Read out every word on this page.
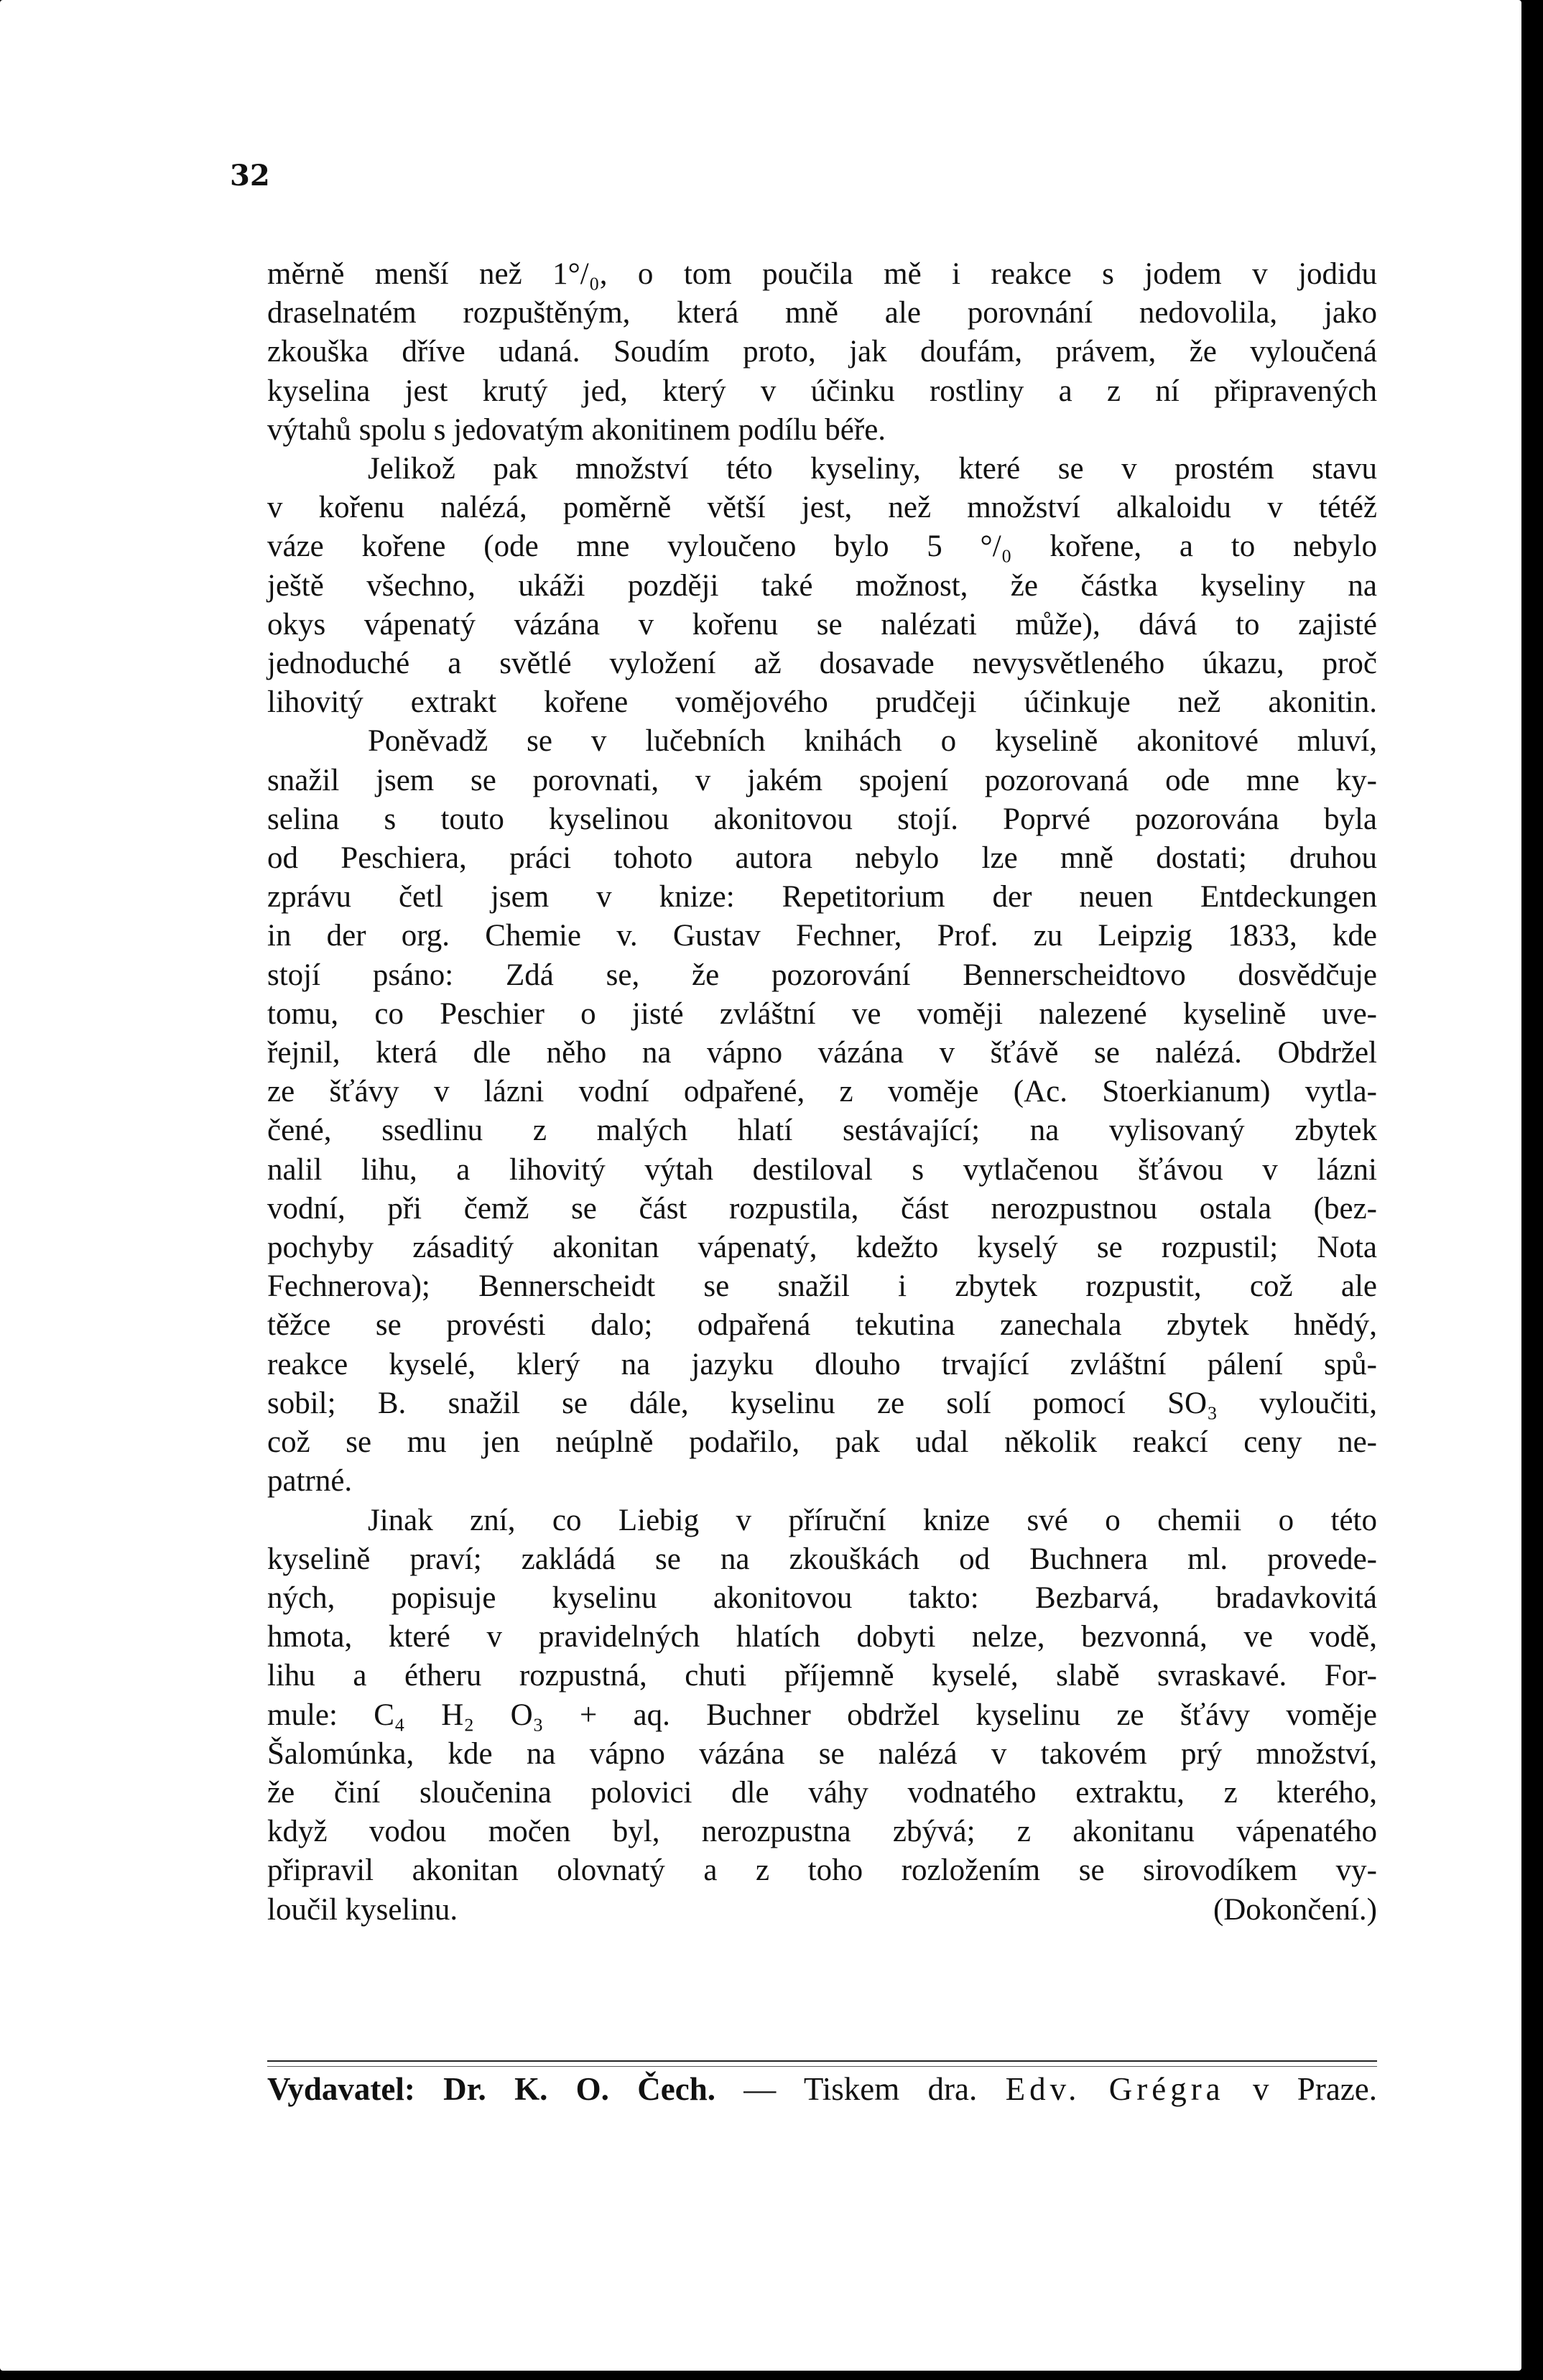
32

měrně menší než 1°/₀, o tom poučila mě i reakce s jodem v jodidu
draselnatém rozpuštěným, která mně ale porovnání nedovolila, jako
zkouška dříve udaná. Soudím proto, jak doufám, právem, že vyloučená
kyselina jest krutý jed, který v účinku rostliny a z ní připravených
výtahů spolu s jedovatým akonitinem podílu béře.

Jelikož pak množství této kyseliny, které se v prostém stavu
v kořenu nalézá, poměrně větší jest, než množství alkaloidu v tétéž
váze kořene (ode mne vyloučeno bylo 5 °/₀ kořene, a to nebylo
ještě všechno, ukáži později také možnost, že částka kyseliny na
okys vápenatý vázána v kořenu se nalézati může), dává to zajisté
jednoduché a světlé vyložení až dosavade nevysvětleného úkazu, proč
lihovitý extrakt kořene vomějového prudčeji účinkuje než akonitin.

Poněvadž se v lučebních knihách o kyselině akonitové mluví,
snažil jsem se porovnati, v jakém spojení pozorovaná ode mne ky-
selina s touto kyselinou akonitovou stojí. Poprvé pozorována byla
od Peschiera, práci tohoto autora nebylo lze mně dostati; druhou
zprávu četl jsem v knize: Repetitorium der neuen Entdeckungen
in der org. Chemie v. Gustav Fechner, Prof. zu Leipzig 1833, kde
stojí psáno: Zdá se, že pozorování Bennerscheidtovo dosvědčuje
tomu, co Peschier o jisté zvláštní ve voměji nalezené kyselině uve-
řejnil, která dle něho na vápno vázána v šťávě se nalézá. Obdržel
ze šťávy v lázni vodní odpařené, z voměje (Ac. Stoerkianum) vytla-
čené, ssedlinu z malých hlatí sestávající; na vylisovaný zbytek
nalil lihu, a lihovitý výtah destiloval s vytlačenou šťávou v lázni
vodní, při čemž se část rozpustila, část nerozpustnou ostala (bez-
pochyby zásaditý akonitan vápenatý, kdežto kyselý se rozpustil; Nota
Fechnerova); Bennerscheidt se snažil i zbytek rozpustit, což ale
těžce se provésti dalo; odpařená tekutina zanechala zbytek hnědý,
reakce kyselé, klerý na jazyku dlouho trvající zvláštní pálení spů-
sobil; B. snažil se dále, kyselinu ze solí pomocí SO₃ vyloučiti,
což se mu jen neúplně podařilo, pak udal několik reakcí ceny ne-
patrné.

Jinak zní, co Liebig v příruční knize své o chemii o této
kyselině praví; zakládá se na zkouškách od Buchnera ml. provede-
ných, popisuje kyselinu akonitovou takto: Bezbarvá, bradavkovitá
hmota, které v pravidelných hlatích dobyti nelze, bezvonná, ve vodě,
lihu a étheru rozpustná, chuti příjemně kyselé, slabě svraskavé. For-
mule: C₄ H₂ O₃ + aq. Buchner obdržel kyselinu ze šťávy voměje
Šalomúnka, kde na vápno vázána se nalézá v takovém prý množství,
že činí sloučenina polovici dle váhy vodnatého extraktu, z kterého,
když vodou močen byl, nerozpustna zbývá; z akonitanu vápenatého
připravil akonitan olovnatý a z toho rozložením se sirovodíkem vy-
loučil kyselinu.	(Dokončení.)

Vydavatel: Dr. K. O. Čech. — Tiskem dra. Edv. Grégra v Praze.
